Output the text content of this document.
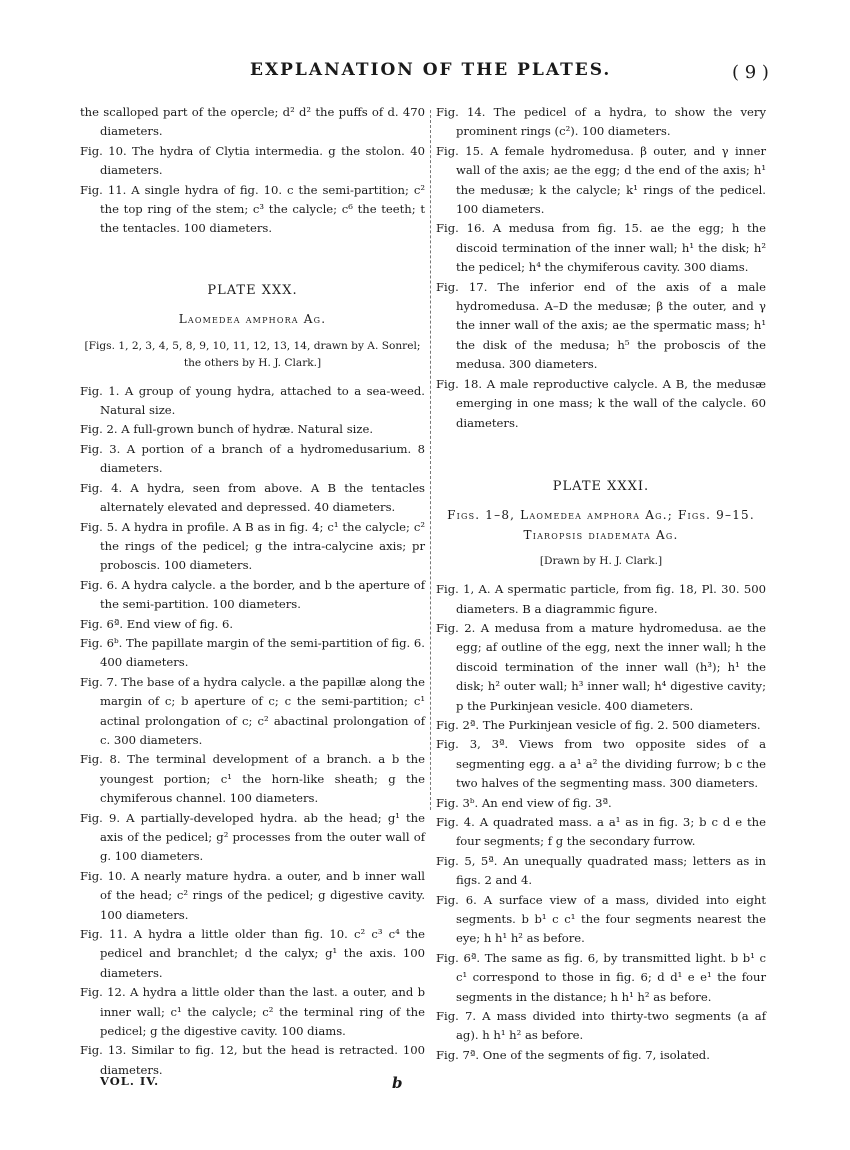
EXPLANATION OF THE PLATES.	( 9 )

the scalloped part of the opercle; d² d² the puffs of d. 470 diameters.

Fig. 10. The hydra of Clytia intermedia. g the stolon. 40 diameters.

Fig. 11. A single hydra of fig. 10. c the semi-partition; c² the top ring of the stem; c³ the calycle; c⁶ the teeth; t the tentacles. 100 diameters.

PLATE XXX.
Laomedea amphora Ag.
[Figs. 1, 2, 3, 4, 5, 8, 9, 10, 11, 12, 13, 14, drawn by A. Sonrel; the others by H. J. Clark.]

Fig. 1. A group of young hydra, attached to a sea-weed. Natural size.

Fig. 2. A full-grown bunch of hydræ. Natural size.

Fig. 3. A portion of a branch of a hydromedusarium. 8 diameters.

Fig. 4. A hydra, seen from above. A B the tentacles alternately elevated and depressed. 40 diameters.

Fig. 5. A hydra in profile. A B as in fig. 4; c¹ the calycle; c² the rings of the pedicel; g the intra-calycine axis; pr proboscis. 100 diameters.

Fig. 6. A hydra calycle. a the border, and b the aperture of the semi-partition. 100 diameters.

Fig. 6ª. End view of fig. 6.

Fig. 6ᵇ. The papillate margin of the semi-partition of fig. 6. 400 diameters.

Fig. 7. The base of a hydra calycle. a the papillæ along the margin of c; b aperture of c; c the semi-partition; c¹ actinal prolongation of c; c² abactinal prolongation of c. 300 diameters.

Fig. 8. The terminal development of a branch. a b the youngest portion; c¹ the horn-like sheath; g the chymiferous channel. 100 diameters.

Fig. 9. A partially-developed hydra. ab the head; g¹ the axis of the pedicel; g² processes from the outer wall of g. 100 diameters.

Fig. 10. A nearly mature hydra. a outer, and b inner wall of the head; c² rings of the pedicel; g digestive cavity. 100 diameters.

Fig. 11. A hydra a little older than fig. 10. c² c³ c⁴ the pedicel and branchlet; d the calyx; g¹ the axis. 100 diameters.

Fig. 12. A hydra a little older than the last. a outer, and b inner wall; c¹ the calycle; c² the terminal ring of the pedicel; g the digestive cavity. 100 diams.

Fig. 13. Similar to fig. 12, but the head is retracted. 100 diameters.

Fig. 14. The pedicel of a hydra, to show the very prominent rings (c²). 100 diameters.

Fig. 15. A female hydromedusa. β outer, and γ inner wall of the axis; ae the egg; d the end of the axis; h¹ the medusæ; k the calycle; k¹ rings of the pedicel. 100 diameters.

Fig. 16. A medusa from fig. 15. ae the egg; h the discoid termination of the inner wall; h¹ the disk; h² the pedicel; h⁴ the chymiferous cavity. 300 diams.

Fig. 17. The inferior end of the axis of a male hydromedusa. A–D the medusæ; β the outer, and γ the inner wall of the axis; ae the spermatic mass; h¹ the disk of the medusa; h⁵ the proboscis of the medusa. 300 diameters.

Fig. 18. A male reproductive calycle. A B, the medusæ emerging in one mass; k the wall of the calycle. 60 diameters.

PLATE XXXI.
Figs. 1–8, Laomedea amphora Ag.; Figs. 9–15. Tiaropsis diademata Ag.
[Drawn by H. J. Clark.]

Fig. 1, A. A spermatic particle, from fig. 18, Pl. 30. 500 diameters. B a diagrammic figure.

Fig. 2. A medusa from a mature hydromedusa. ae the egg; af outline of the egg, next the inner wall; h the discoid termination of the inner wall (h³); h¹ the disk; h² outer wall; h³ inner wall; h⁴ digestive cavity; p the Purkinjean vesicle. 400 diameters.

Fig. 2ª. The Purkinjean vesicle of fig. 2. 500 diameters.

Fig. 3, 3ª. Views from two opposite sides of a segmenting egg. a a¹ a² the dividing furrow; b c the two halves of the segmenting mass. 300 diameters.

Fig. 3ᵇ. An end view of fig. 3ª.

Fig. 4. A quadrated mass. a a¹ as in fig. 3; b c d e the four segments; f g the secondary furrow.

Fig. 5, 5ª. An unequally quadrated mass; letters as in figs. 2 and 4.

Fig. 6. A surface view of a mass, divided into eight segments. b b¹ c c¹ the four segments nearest the eye; h h¹ h² as before.

Fig. 6ª. The same as fig. 6, by transmitted light. b b¹ c c¹ correspond to those in fig. 6; d d¹ e e¹ the four segments in the distance; h h¹ h² as before.

Fig. 7. A mass divided into thirty-two segments (a af ag). h h¹ h² as before.

Fig. 7ª. One of the segments of fig. 7, isolated.

VOL. IV.	b
